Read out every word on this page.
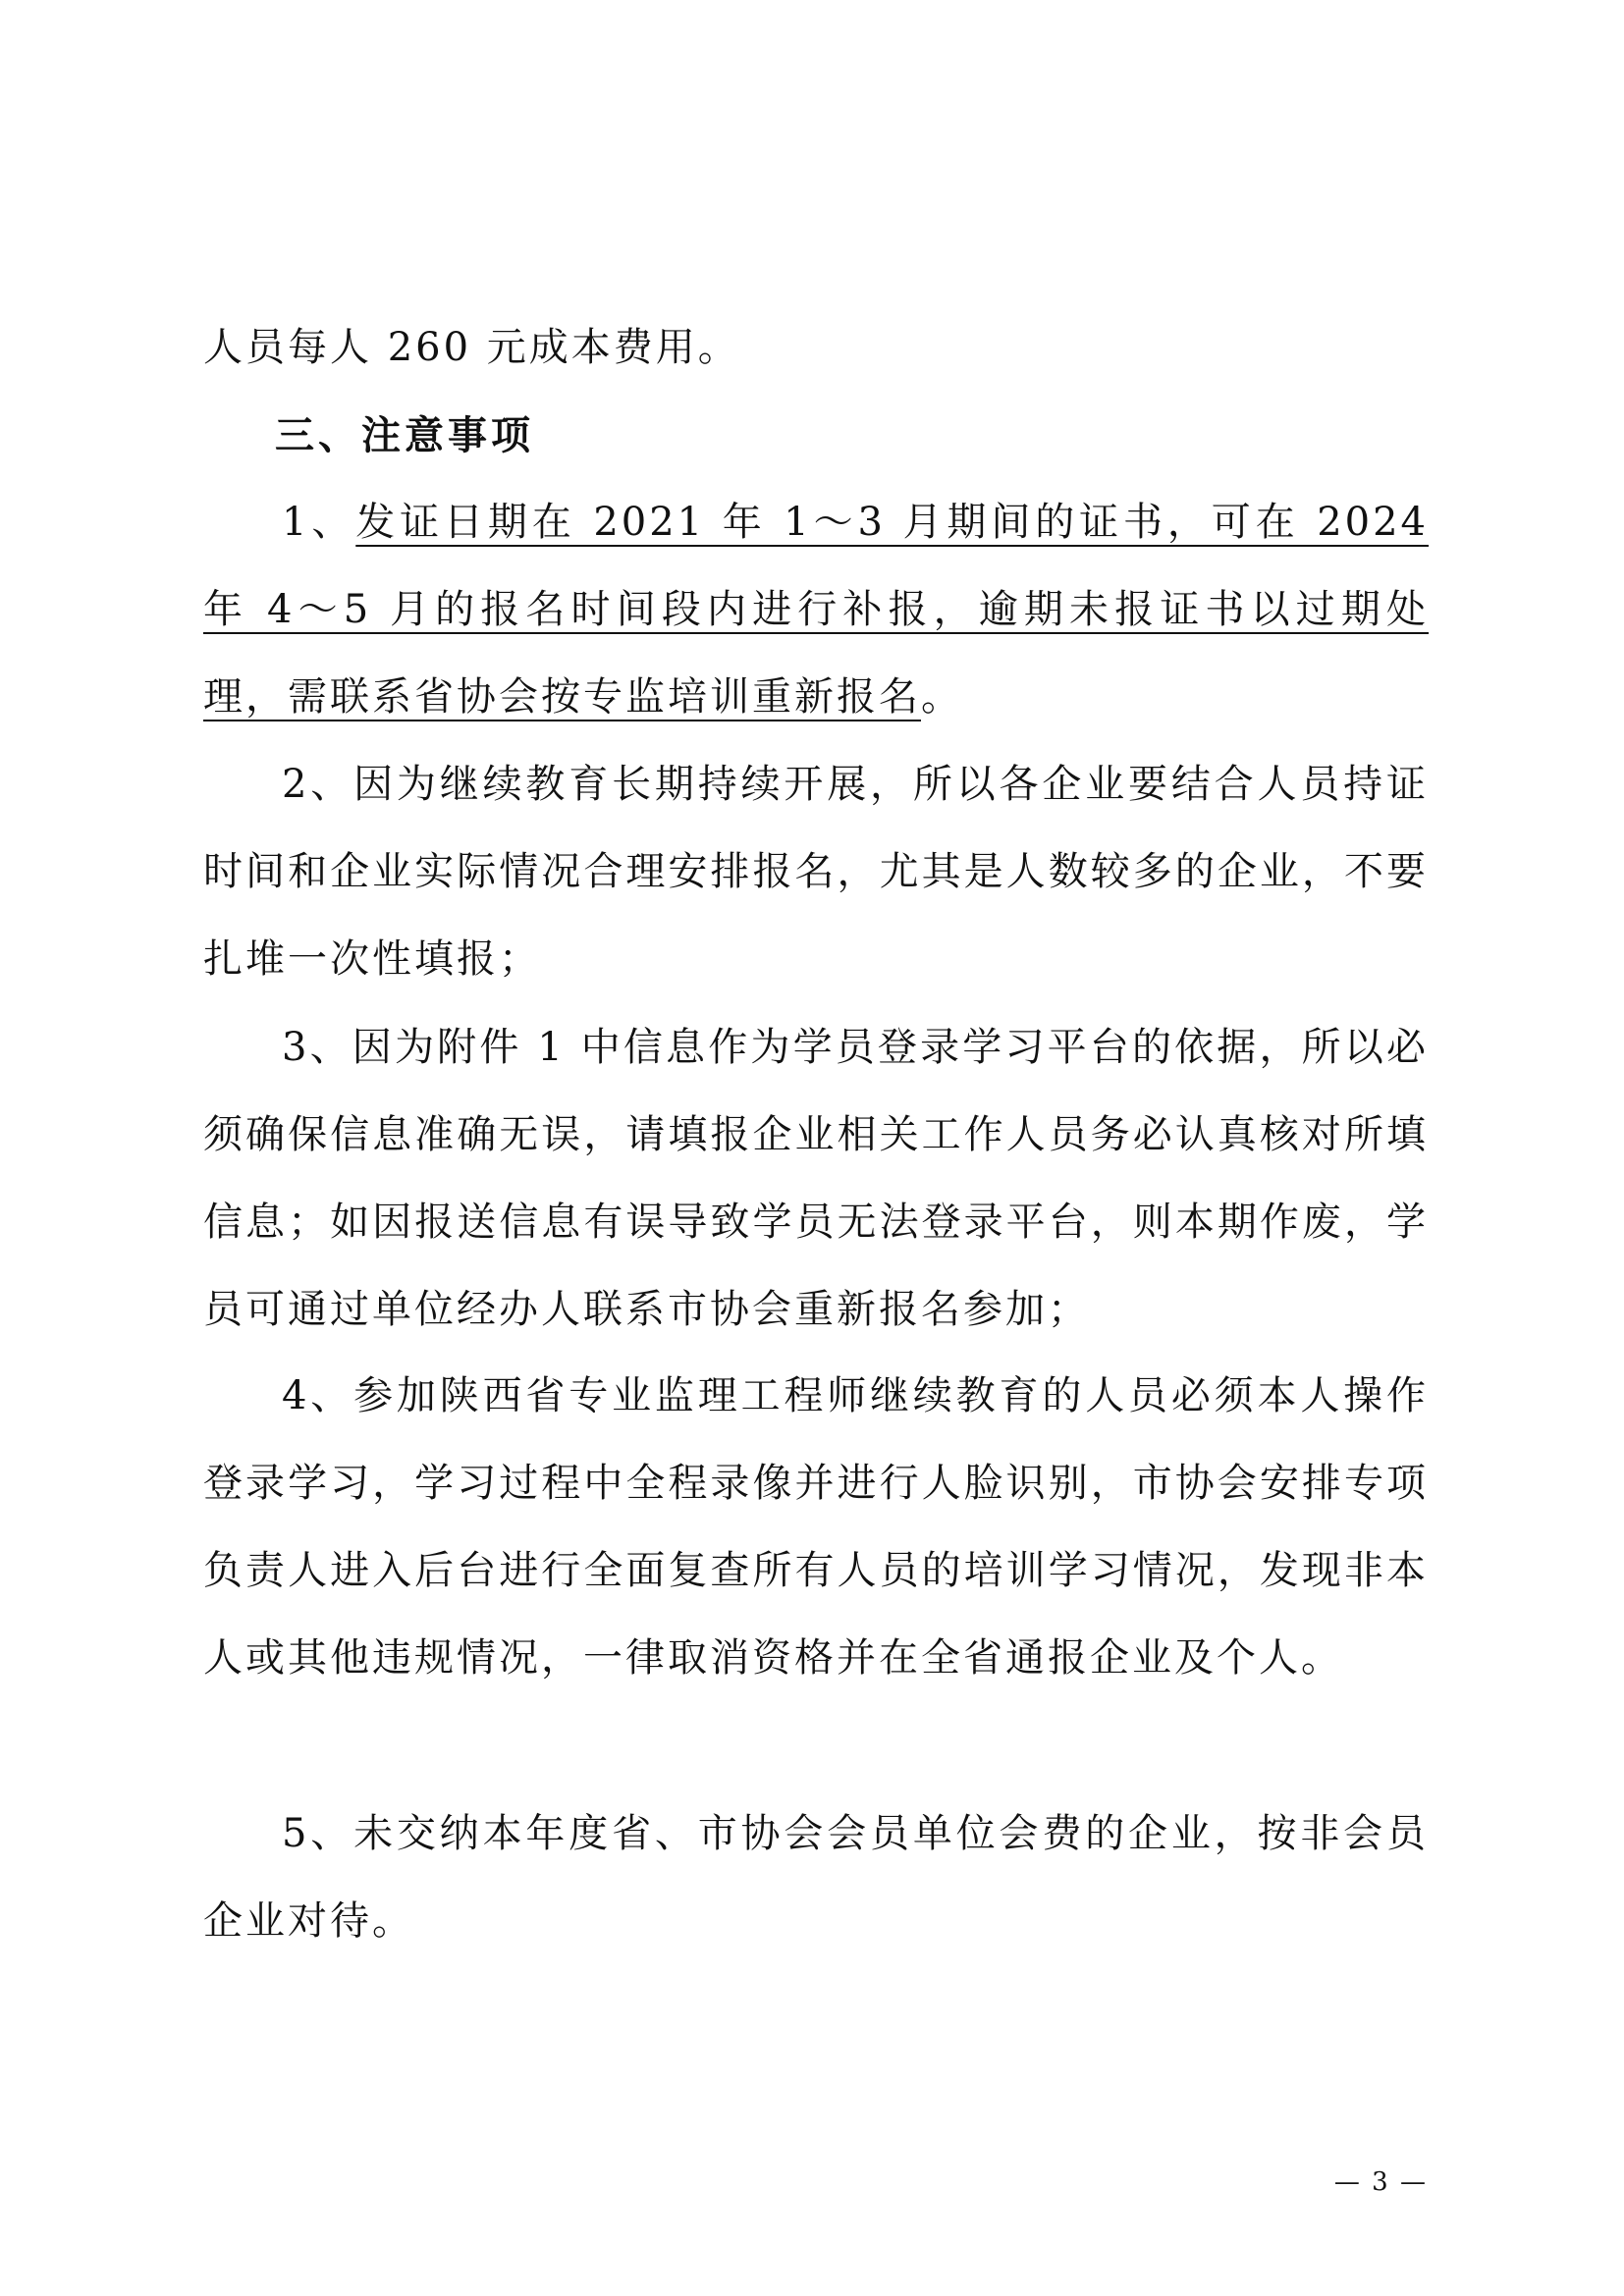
人员每人 260 元成本费用。
三、注意事项
1、发证日期在 2021 年 1～3 月期间的证书，可在 2024 年 4～5 月的报名时间段内进行补报，逾期未报证书以过期处理，需联系省协会按专监培训重新报名。
2、因为继续教育长期持续开展，所以各企业要结合人员持证时间和企业实际情况合理安排报名，尤其是人数较多的企业，不要扎堆一次性填报；
3、因为附件 1 中信息作为学员登录学习平台的依据，所以必须确保信息准确无误，请填报企业相关工作人员务必认真核对所填信息；如因报送信息有误导致学员无法登录平台，则本期作废，学员可通过单位经办人联系市协会重新报名参加；
4、参加陕西省专业监理工程师继续教育的人员必须本人操作登录学习，学习过程中全程录像并进行人脸识别，市协会安排专项负责人进入后台进行全面复查所有人员的培训学习情况，发现非本人或其他违规情况，一律取消资格并在全省通报企业及个人。
5、未交纳本年度省、市协会会员单位会费的企业，按非会员企业对待。
— 3 —
